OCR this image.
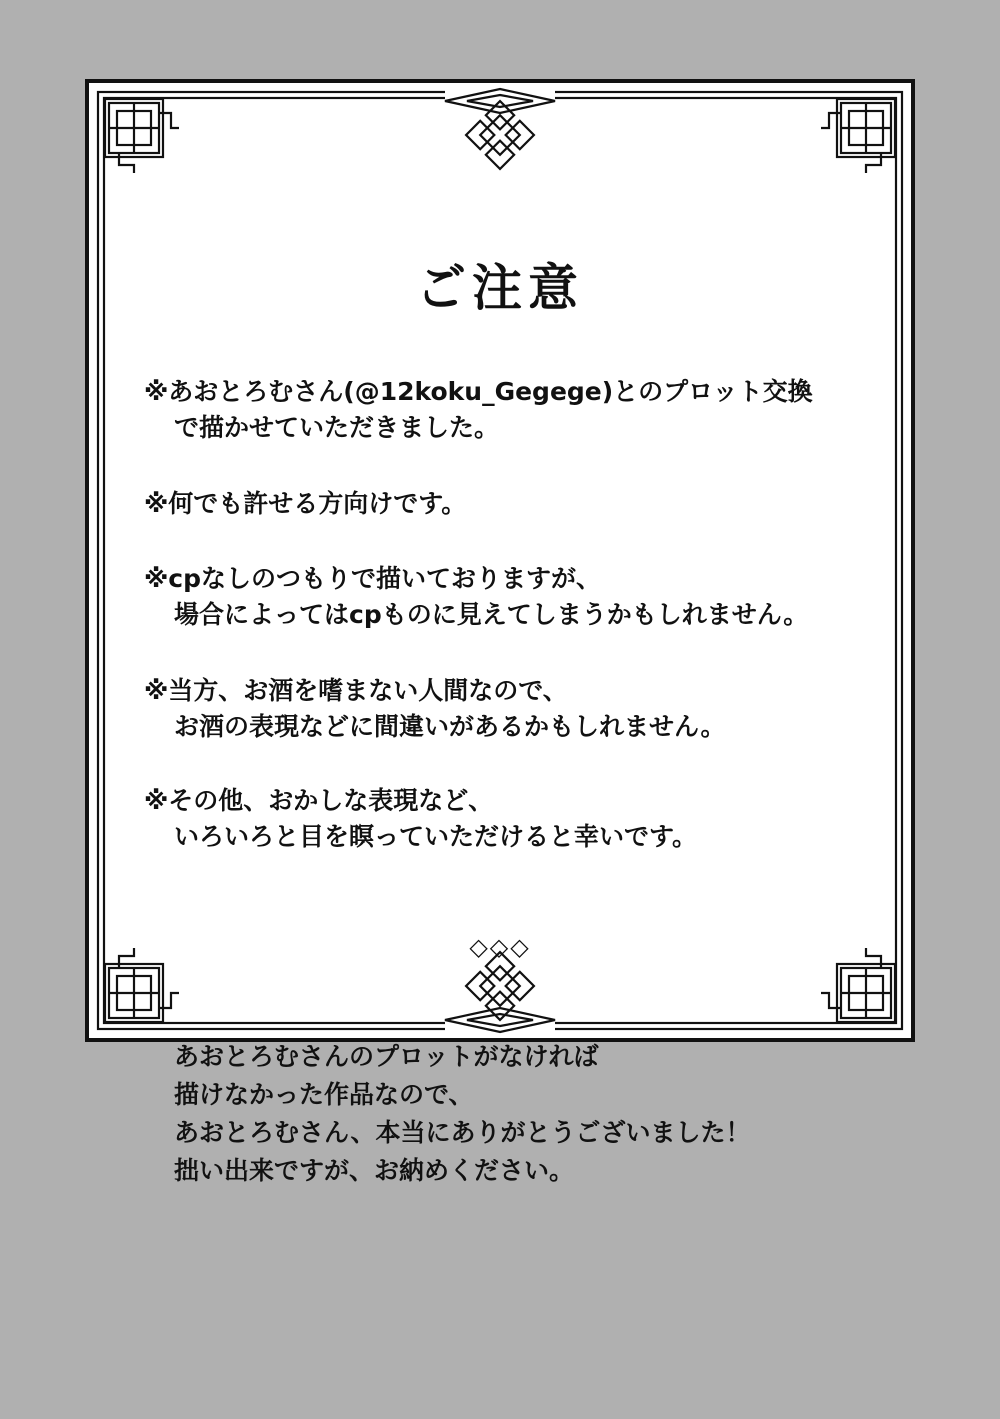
ご注意
※あおとろむさん(@12koku_Gegege)とのプロット交換
で描かせていただきました。
※何でも許せる方向けです。
※cpなしのつもりで描いておりますが、
場合によってはcpものに見えてしまうかもしれません。
※当方、お酒を嗜まない人間なので、
お酒の表現などに間違いがあるかもしれません。
※その他、おかしな表現など、
いろいろと目を瞑っていただけると幸いです。
◇◇◇
あおとろむさんのプロットがなければ
描けなかった作品なので、
あおとろむさん、本当にありがとうございました！
拙い出来ですが、お納めください。
